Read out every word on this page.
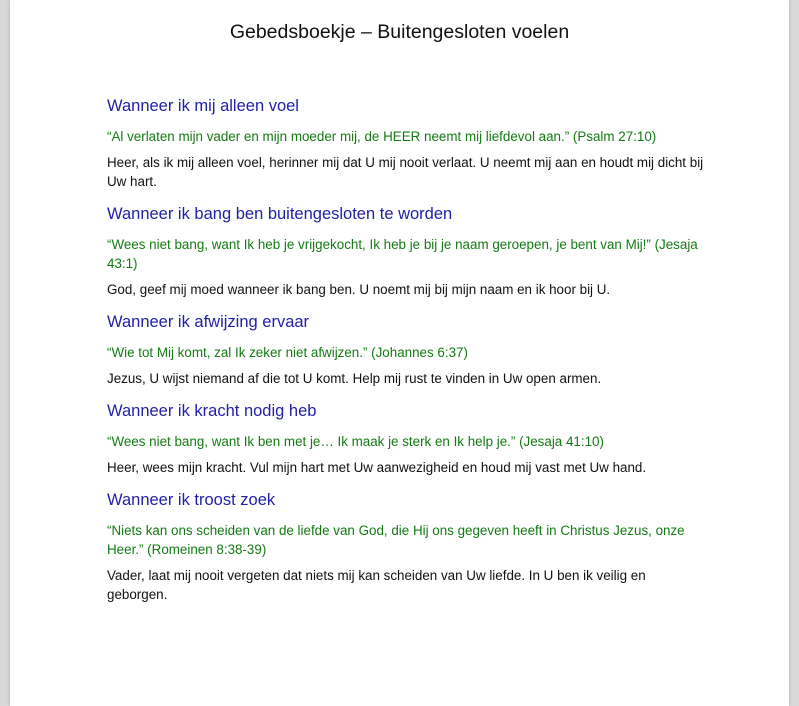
Gebedsboekje – Buitengesloten voelen
Wanneer ik mij alleen voel
“Al verlaten mijn vader en mijn moeder mij, de HEER neemt mij liefdevol aan.” (Psalm 27:10)
Heer, als ik mij alleen voel, herinner mij dat U mij nooit verlaat. U neemt mij aan en houdt mij dicht bij Uw hart.
Wanneer ik bang ben buitengesloten te worden
“Wees niet bang, want Ik heb je vrijgekocht, Ik heb je bij je naam geroepen, je bent van Mij!” (Jesaja 43:1)
God, geef mij moed wanneer ik bang ben. U noemt mij bij mijn naam en ik hoor bij U.
Wanneer ik afwijzing ervaar
“Wie tot Mij komt, zal Ik zeker niet afwijzen.” (Johannes 6:37)
Jezus, U wijst niemand af die tot U komt. Help mij rust te vinden in Uw open armen.
Wanneer ik kracht nodig heb
“Wees niet bang, want Ik ben met je… Ik maak je sterk en Ik help je.” (Jesaja 41:10)
Heer, wees mijn kracht. Vul mijn hart met Uw aanwezigheid en houd mij vast met Uw hand.
Wanneer ik troost zoek
“Niets kan ons scheiden van de liefde van God, die Hij ons gegeven heeft in Christus Jezus, onze Heer.” (Romeinen 8:38-39)
Vader, laat mij nooit vergeten dat niets mij kan scheiden van Uw liefde. In U ben ik veilig en geborgen.
